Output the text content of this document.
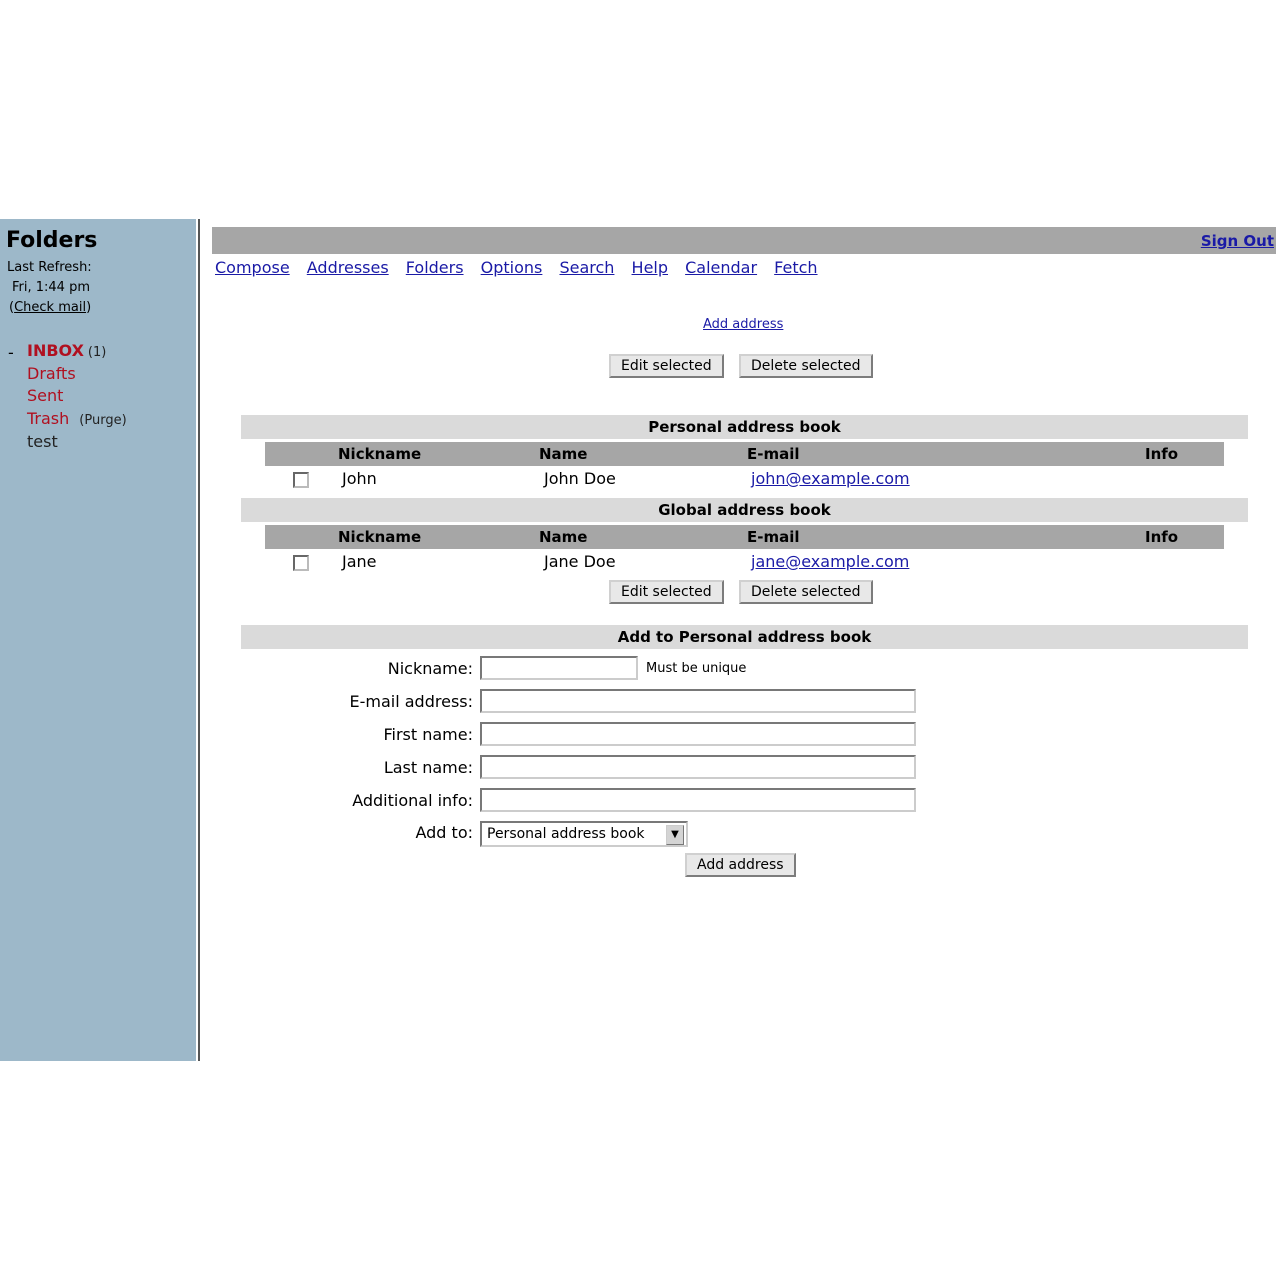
Folders
Last Refresh:
Fri, 1:44 pm
(Check mail)
- INBOX (1)
Drafts
Sent
Trash (Purge)
test
Sign Out
Compose Addresses Folders Options Search Help Calendar Fetch
Add address
Edit selected	Delete selected
Personal address book
Nickname	Name	E-mail	Info
John	John Doe	john@example.com
Global address book
Nickname	Name	E-mail	Info
Jane	Jane Doe	jane@example.com
Edit selected	Delete selected
Add to Personal address book
Nickname:	Must be unique
E-mail address:
First name:
Last name:
Additional info:
Add to:	Personal address book	▼
Add address
